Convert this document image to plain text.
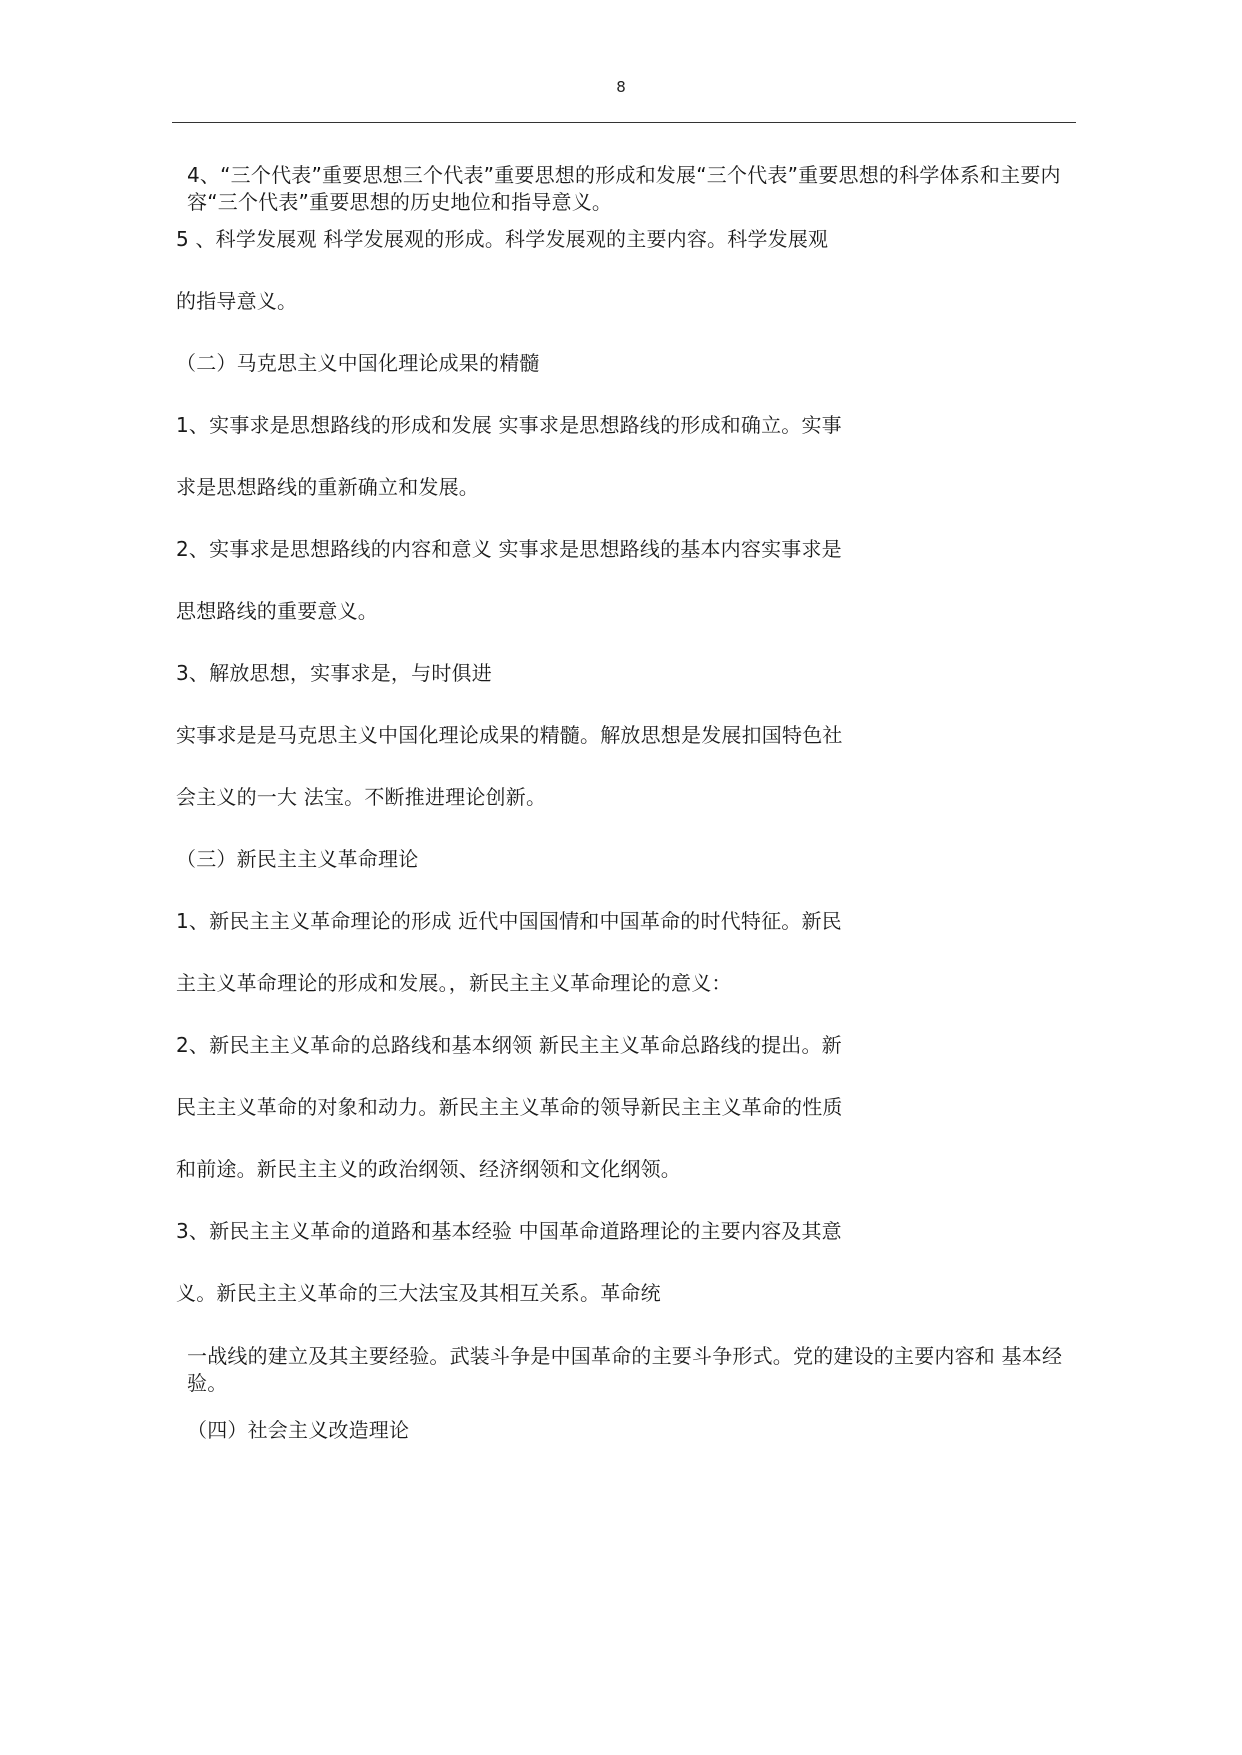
8
4、“三个代表”重要思想三个代表”重要思想的形成和发展“三个代表”重要思想的科学体系和主要内容“三个代表”重要思想的历史地位和指导意义。
5 、科学发展观 科学发展观的形成。科学发展观的主要内容。科学发展观
的指导意义。
（二）马克思主义中国化理论成果的精髓
1、实事求是思想路线的形成和发展 实事求是思想路线的形成和确立。实事
求是思想路线的重新确立和发展。
2、实事求是思想路线的内容和意义 实事求是思想路线的基本内容实事求是
思想路线的重要意义。
3、解放思想，实事求是，与时俱进
实事求是是马克思主义中国化理论成果的精髓。解放思想是发展扣国特色社
会主义的一大 法宝。不断推进理论创新。
（三）新民主主义革命理论
1、新民主主义革命理论的形成 近代中国国情和中国革命的时代特征。新民
主主义革命理论的形成和发展。，新民主主义革命理论的意义：
2、新民主主义革命的总路线和基本纲领 新民主主义革命总路线的提出。新
民主主义革命的对象和动力。新民主主义革命的领导新民主主义革命的性质
和前途。新民主主义的政治纲领、经济纲领和文化纲领。
3、新民主主义革命的道路和基本经验 中国革命道路理论的主要内容及其意
义。新民主主义革命的三大法宝及其相互关系。革命统
一战线的建立及其主要经验。武装斗争是中国革命的主要斗争形式。党的建设的主要内容和 基本经验。
（四）社会主义改造理论
